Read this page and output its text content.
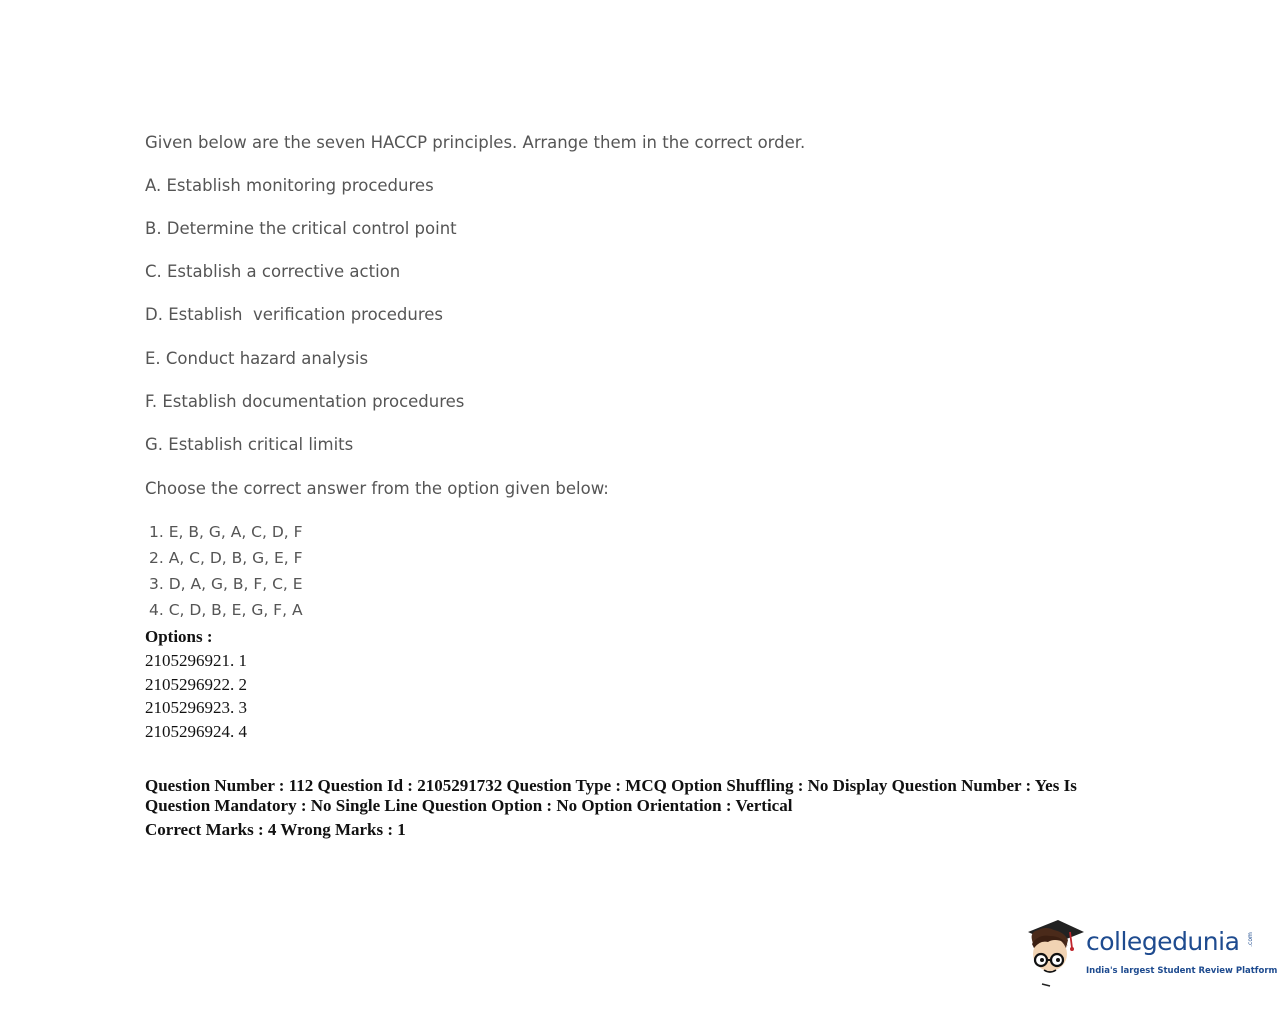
Given below are the seven HACCP principles. Arrange them in the correct order.
A. Establish monitoring procedures
B. Determine the critical control point
C. Establish a corrective action
D. Establish  verification procedures
E. Conduct hazard analysis
F. Establish documentation procedures
G. Establish critical limits
Choose the correct answer from the option given below:
1. E, B, G, A, C, D, F
2. A, C, D, B, G, E, F
3. D, A, G, B, F, C, E
4. C, D, B, E, G, F, A
Options :
2105296921. 1
2105296922. 2
2105296923. 3
2105296924. 4
Question Number : 112 Question Id : 2105291732 Question Type : MCQ Option Shuffling : No Display Question Number : Yes Is Question Mandatory : No Single Line Question Option : No Option Orientation : Vertical
Correct Marks : 4 Wrong Marks : 1
collegedunia .com
India's largest Student Review Platform
